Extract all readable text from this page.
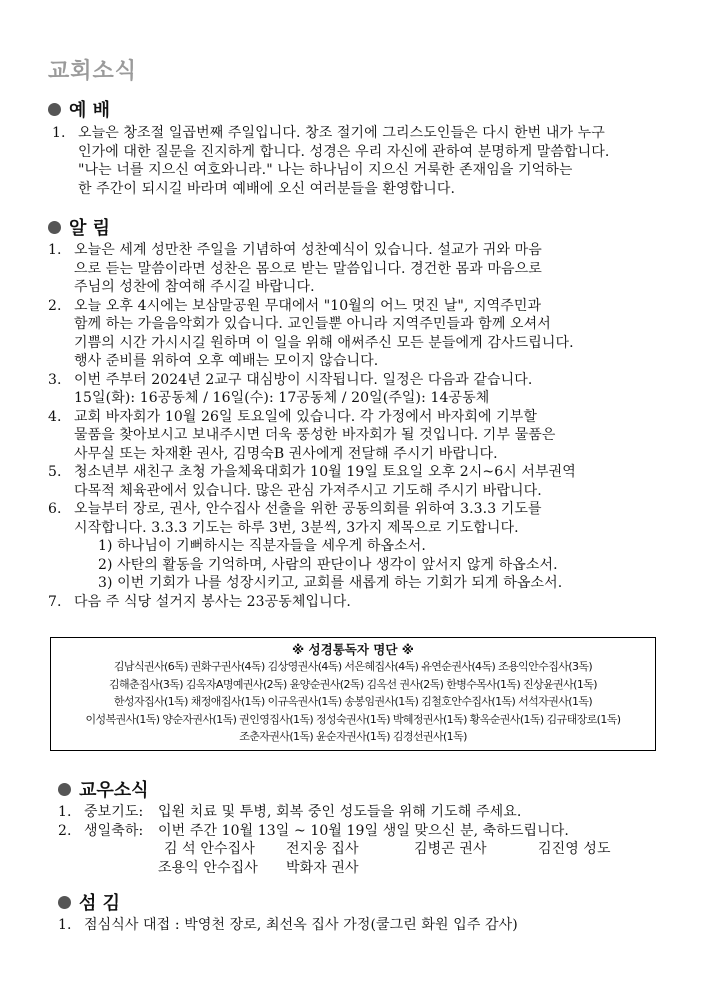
교회소식
예 배
1. 오늘은 창조절 일곱번째 주일입니다. 창조 절기에 그리스도인들은 다시 한번 내가 누구
인가에 대한 질문을 진지하게 합니다. 성경은 우리 자신에 관하여 분명하게 말씀합니다.
"나는 너를 지으신 여호와니라." 나는 하나님이 지으신 거룩한 존재임을 기억하는
한 주간이 되시길 바라며 예배에 오신 여러분들을 환영합니다.
알 림
1. 오늘은 세계 성만찬 주일을 기념하여 성찬예식이 있습니다. 설교가 귀와 마음
으로 듣는 말씀이라면 성찬은 몸으로 받는 말씀입니다. 경건한 몸과 마음으로
주님의 성찬에 참여해 주시길 바랍니다.
2. 오늘 오후 4시에는 보삼말공원 무대에서 "10월의 어느 멋진 날", 지역주민과
함께 하는 가을음악회가 있습니다. 교인들뿐 아니라 지역주민들과 함께 오셔서
기쁨의 시간 가시시길 원하며 이 일을 위해 애써주신 모든 분들에게 감사드립니다.
행사 준비를 위하여 오후 예배는 모이지 않습니다.
3. 이번 주부터 2024년 2교구 대심방이 시작됩니다. 일정은 다음과 같습니다.
15일(화): 16공동체 / 16일(수): 17공동체 / 20일(주일): 14공동체
4. 교회 바자회가 10월 26일 토요일에 있습니다. 각 가정에서 바자회에 기부할
물품을 찾아보시고 보내주시면 더욱 풍성한 바자회가 될 것입니다. 기부 물품은
사무실 또는 차재환 권사, 김명숙B 권사에게 전달해 주시기 바랍니다.
5. 청소년부 새친구 초청 가을체육대회가 10월 19일 토요일 오후 2시~6시 서부권역
다목적 체육관에서 있습니다. 많은 관심 가져주시고 기도해 주시기 바랍니다.
6. 오늘부터 장로, 권사, 안수집사 선출을 위한 공동의회를 위하여 3.3.3 기도를
시작합니다. 3.3.3 기도는 하루 3번, 3분씩, 3가지 제목으로 기도합니다.
1) 하나님이 기뻐하시는 직분자들을 세우게 하옵소서.
2) 사탄의 활동을 기억하며, 사람의 판단이나 생각이 앞서지 않게 하옵소서.
3) 이번 기회가 나를 성장시키고, 교회를 새롭게 하는 기회가 되게 하옵소서.
7. 다음 주 식당 설거지 봉사는 23공동체입니다.
※ 성경통독자 명단 ※
김남식권사(6독) 권화구권사(4독) 김상영권사(4독) 서은혜집사(4독) 유연순권사(4독) 조용익안수집사(3독)
김해춘집사(3독) 김옥자A명예권사(2독) 윤양순권사(2독) 김옥선 권사(2독) 한병수목사(1독) 진상윤권사(1독)
한성자집사(1독) 채정애집사(1독) 이규옥권사(1독) 송봉임권사(1독) 김철호안수집사(1독) 서석자권사(1독)
이성복권사(1독) 양순자권사(1독) 권인영집사(1독) 정성숙권사(1독) 박혜정권사(1독) 황옥순권사(1독) 김규태장로(1독)
조춘자권사(1독) 윤순자권사(1독) 김경선권사(1독)
교우소식
1. 중보기도:	입원 치료 및 투병, 회복 중인 성도들을 위해 기도해 주세요.
2. 생일축하:	이번 주간 10월 13일 ~ 10월 19일 생일 맞으신 분, 축하드립니다.
김 석 안수집사	전지웅 집사	김병곤 권사	김진영 성도
조용익 안수집사	박화자 권사
섬 김
1. 점심식사 대접 : 박영천 장로, 최선옥 집사 가정(쿨그린 화원 입주 감사)
